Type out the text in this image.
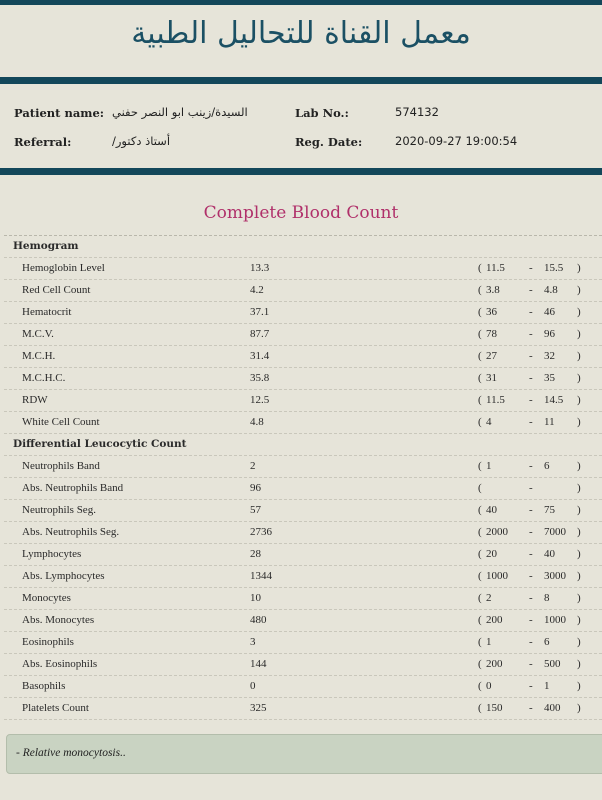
معمل القناة للتحاليل الطبية
Patient name: السيدة/زينب ابو النصر حفني	Lab No.:	574132
Referral:	أستاذ دكتور/	Reg. Date:	2020-09-27 19:00:54
Complete Blood Count
Hemogram
Hemoglobin Level	13.3	( 11.5 - 15.5 )
Red Cell Count	4.2	( 3.8	- 4.8 )
Hematocrit	37.1	( 36	- 46 )
M.C.V.	87.7	( 78	- 96 )
M.C.H.	31.4	( 27	- 32 )
M.C.H.C.	35.8	( 31	- 35 )
RDW	12.5	( 11.5 - 14.5 )
White Cell Count	4.8	( 4	- 11 )
Differential Leucocytic Count
Neutrophils Band	2	( 1	- 6	)
Abs. Neutrophils Band	96	(	-	)
Neutrophils Seg.	57	( 40	- 75 )
Abs. Neutrophils Seg.	2736	( 2000 - 7000 )
Lymphocytes	28	( 20	- 40 )
Abs. Lymphocytes	1344	( 1000 - 3000 )
Monocytes	10	( 2	- 8	)
Abs. Monocytes	480	( 200 - 1000 )
Eosinophils	3	( 1	- 6	)
Abs. Eosinophils	144	( 200 - 500 )
Basophils	0	( 0	- 1	)
Platelets Count	325	( 150 - 400 )
- Relative monocytosis..
